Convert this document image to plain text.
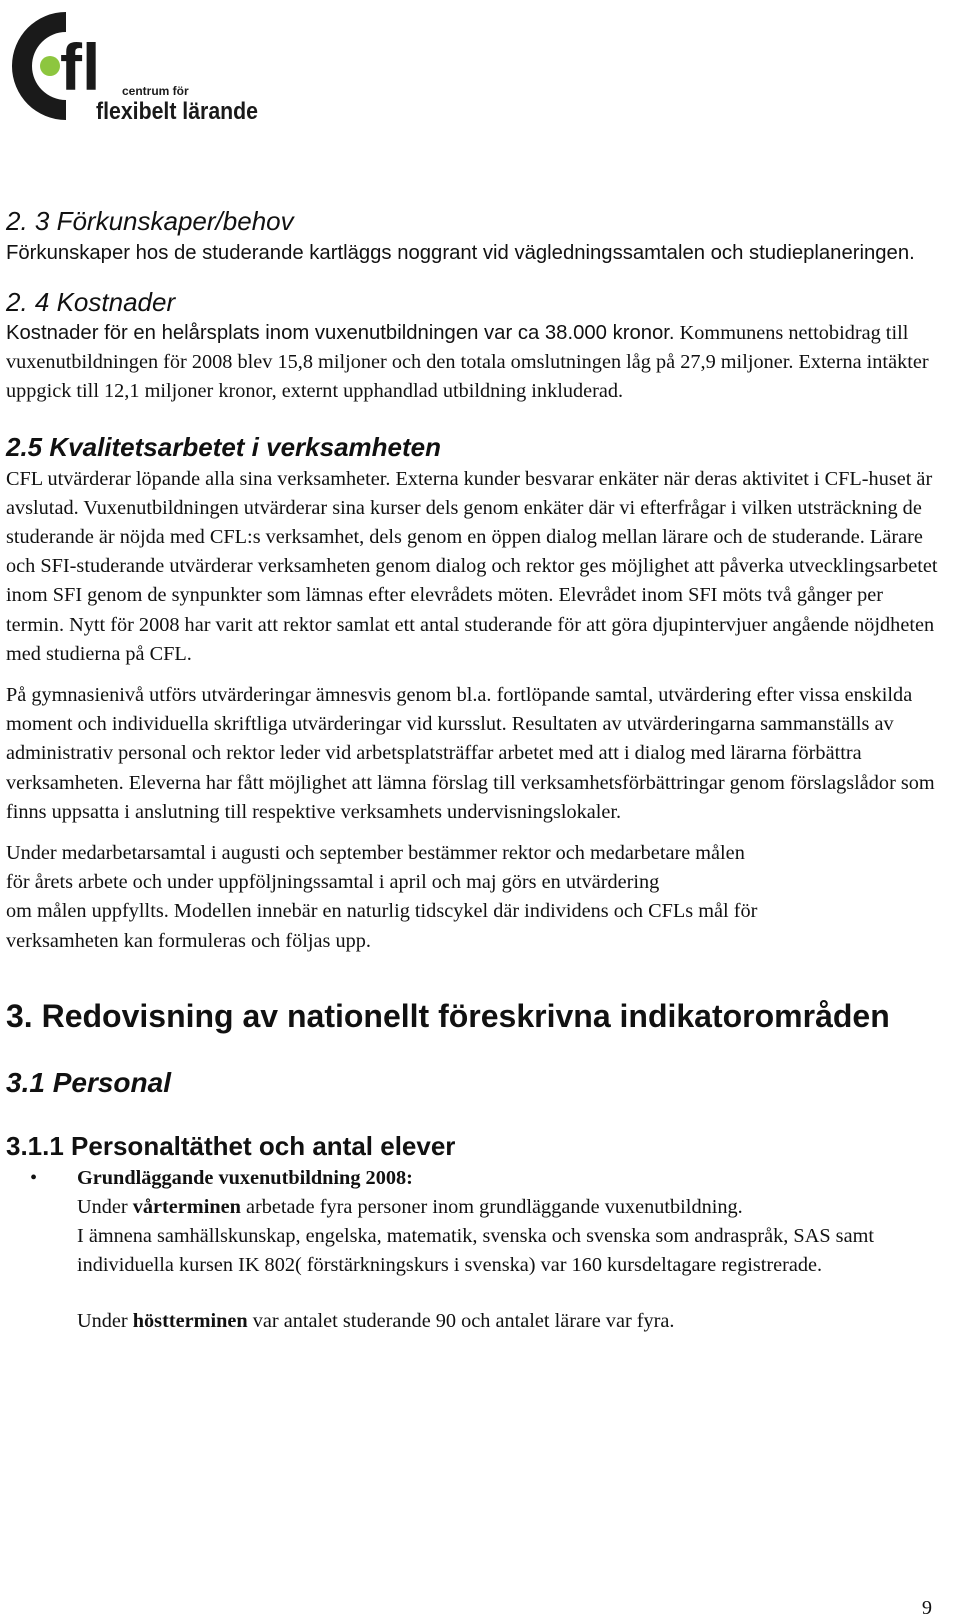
fl centrum för
flexibelt lärande
2. 3 Förkunskaper/behov

Förkunskaper hos de studerande kartläggs noggrant vid vägledningssamtalen och studieplaneringen.

2. 4 Kostnader

Kostnader för en helårsplats inom vuxenutbildningen var ca 38.000 kronor. Kommunens nettobidrag till vuxenutbildningen för 2008 blev 15,8 miljoner och den totala omslutningen låg på 27,9 miljoner. Externa intäkter uppgick till 12,1 miljoner kronor, externt upphandlad utbildning inkluderad.

2.5 Kvalitetsarbetet i verksamheten

CFL utvärderar löpande alla sina verksamheter. Externa kunder besvarar enkäter när deras aktivitet i CFL-huset är avslutad. Vuxenutbildningen utvärderar sina kurser dels genom enkäter där vi efterfrågar i vilken utsträckning de studerande är nöjda med CFL:s verksamhet, dels genom en öppen dialog mellan lärare och de studerande. Lärare och SFI-studerande utvärderar verksamheten genom dialog och rektor ges möjlighet att påverka utvecklingsarbetet inom SFI genom de synpunkter som lämnas efter elevrådets möten. Elevrådet inom SFI möts två gånger per termin. Nytt för 2008 har varit att rektor samlat ett antal studerande för att göra djupintervjuer angående nöjdheten med studierna på CFL.

På gymnasienivå utförs utvärderingar ämnesvis genom bl.a. fortlöpande samtal, utvärdering efter vissa enskilda moment och individuella skriftliga utvärderingar vid kursslut. Resultaten av utvärderingarna sammanställs av administrativ personal och rektor leder vid arbetsplatsträffar arbetet med att i dialog med lärarna förbättra verksamheten. Eleverna har fått möjlighet att lämna förslag till verksamhetsförbättringar genom förslagslådor som finns uppsatta i anslutning till respektive verksamhets undervisningslokaler.

Under medarbetarsamtal i augusti och september bestämmer rektor och medarbetare målen
för årets arbete och under uppföljningssamtal i april och maj görs en utvärdering
om målen uppfyllts. Modellen innebär en naturlig tidscykel där individens och CFLs mål för
verksamheten kan formuleras och följas upp.

3. Redovisning av nationellt föreskrivna indikatorområden
3.1 Personal
3.1.1 Personaltäthet och antal elever
• Grundläggande vuxenutbildning 2008:

Under vårterminen arbetade fyra personer inom grundläggande vuxenutbildning.

I ämnena samhällskunskap, engelska, matematik, svenska och svenska som andraspråk, SAS samt individuella kursen IK 802( förstärkningskurs i svenska) var 160 kursdeltagare registrerade.

Under höstterminen var antalet studerande 90 och antalet lärare var fyra.

9
